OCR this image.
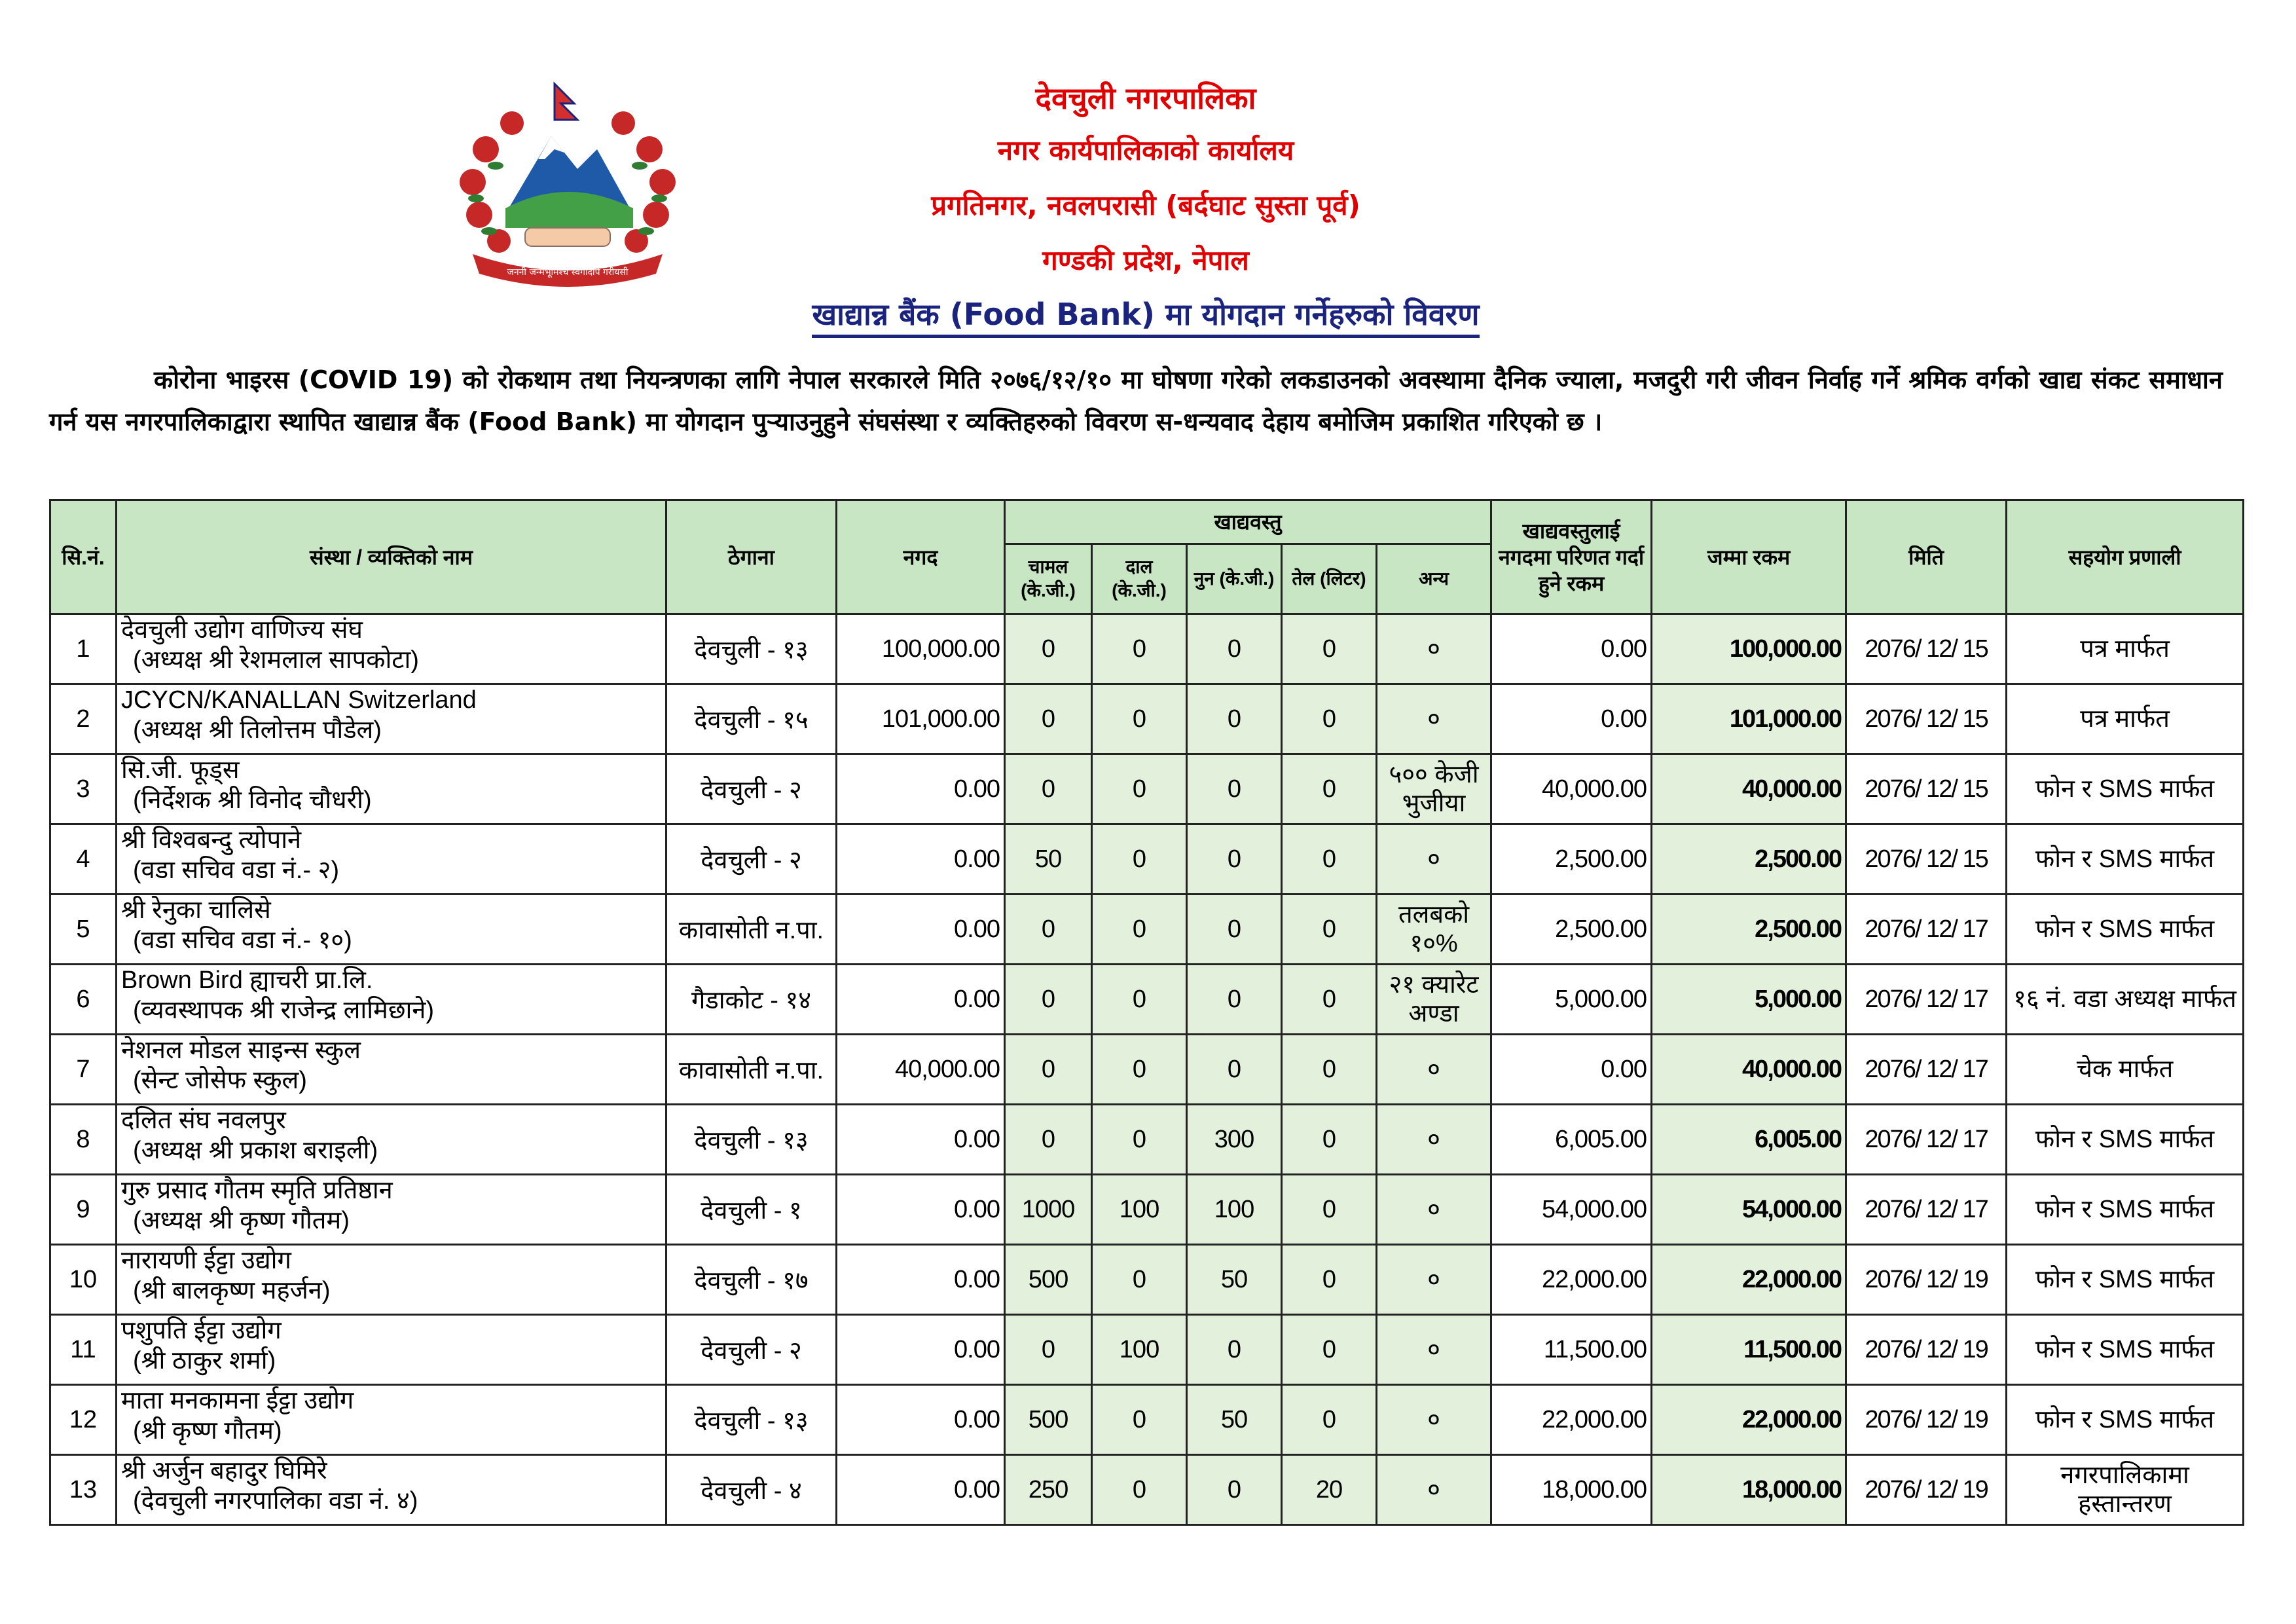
जननी जन्मभूमिश्च स्वर्गादपि गरीयसी
देवचुली नगरपालिका
नगर कार्यपालिकाको कार्यालय
प्रगतिनगर, नवलपरासी (बर्दघाट सुस्ता पूर्व)
गण्डकी प्रदेश, नेपाल
खाद्यान्न बैंक (Food Bank) मा योगदान गर्नेहरुको विवरण
कोरोना भाइरस (COVID 19) को रोकथाम तथा नियन्त्रणका लागि नेपाल सरकारले मिति २०७६/१२/१० मा घोषणा गरेको लकडाउनको अवस्थामा दैनिक ज्याला, मजदुरी गरी जीवन निर्वाह गर्ने श्रमिक वर्गको खाद्य संकट समाधान गर्न यस नगरपालिकाद्वारा स्थापित खाद्यान्न बैंक (Food Bank) मा योगदान पुऱ्याउनुहुने संघसंस्था र व्यक्तिहरुको विवरण स-धन्यवाद देहाय बमोजिम प्रकाशित गरिएको छ ।
सि.नं.	संस्था / व्यक्तिको नाम	ठेगाना	नगद	खाद्यवस्तु					खाद्यवस्तुलाई नगदमा परिणत गर्दा हुने रकम	जम्मा रकम	मिति	सहयोग प्रणाली
				चामल (के.जी.)	दाल (के.जी.)	नुन (के.जी.)	तेल (लिटर)	अन्य				
1	देवचुली उद्योग वाणिज्य संघ
(अध्यक्ष श्री रेशमलाल सापकोटा)	देवचुली - १३	100,000.00	0	0	0	0	०	0.00	100,000.00	2076/ 12/ 15	पत्र मार्फत
2	JCYCN/KANALLAN Switzerland
(अध्यक्ष श्री तिलोत्तम पौडेल)	देवचुली - १५	101,000.00	0	0	0	0	०	0.00	101,000.00	2076/ 12/ 15	पत्र मार्फत
3	सि.जी. फूड्स
(निर्देशक श्री विनोद चौधरी)	देवचुली - २	0.00	0	0	0	0	५०० केजी भुजीया	40,000.00	40,000.00	2076/ 12/ 15	फोन र SMS मार्फत
4	श्री विश्वबन्दु त्योपाने
(वडा सचिव वडा नं.- २)	देवचुली - २	0.00	50	0	0	0	०	2,500.00	2,500.00	2076/ 12/ 15	फोन र SMS मार्फत
5	श्री रेनुका चालिसे
(वडा सचिव वडा नं.- १०)	कावासोती न.पा.	0.00	0	0	0	0	तलबको १०%	2,500.00	2,500.00	2076/ 12/ 17	फोन र SMS मार्फत
6	Brown Bird ह्याचरी प्रा.लि.
(व्यवस्थापक श्री राजेन्द्र लामिछाने)	गैडाकोट - १४	0.00	0	0	0	0	२१ क्यारेट अण्डा	5,000.00	5,000.00	2076/ 12/ 17	१६ नं. वडा अध्यक्ष मार्फत
7	नेशनल मोडल साइन्स स्कुल
(सेन्ट जोसेफ स्कुल)	कावासोती न.पा.	40,000.00	0	0	0	0	०	0.00	40,000.00	2076/ 12/ 17	चेक मार्फत
8	दलित संघ नवलपुर
(अध्यक्ष श्री प्रकाश बराइली)	देवचुली - १३	0.00	0	0	300	0	०	6,005.00	6,005.00	2076/ 12/ 17	फोन र SMS मार्फत
9	गुरु प्रसाद गौतम स्मृति प्रतिष्ठान
(अध्यक्ष श्री कृष्ण गौतम)	देवचुली - १	0.00	1000	100	100	0	०	54,000.00	54,000.00	2076/ 12/ 17	फोन र SMS मार्फत
10	नारायणी ईट्टा उद्योग
(श्री बालकृष्ण महर्जन)	देवचुली - १७	0.00	500	0	50	0	०	22,000.00	22,000.00	2076/ 12/ 19	फोन र SMS मार्फत
11	पशुपति ईट्टा उद्योग
(श्री ठाकुर शर्मा)	देवचुली - २	0.00	0	100	0	0	०	11,500.00	11,500.00	2076/ 12/ 19	फोन र SMS मार्फत
12	माता मनकामना ईट्टा उद्योग
(श्री कृष्ण गौतम)	देवचुली - १३	0.00	500	0	50	0	०	22,000.00	22,000.00	2076/ 12/ 19	फोन र SMS मार्फत
13	श्री अर्जुन बहादुर घिमिरे
(देवचुली नगरपालिका वडा नं. ४)	देवचुली - ४	0.00	250	0	0	20	०	18,000.00	18,000.00	2076/ 12/ 19	नगरपालिकामा हस्तान्तरण
